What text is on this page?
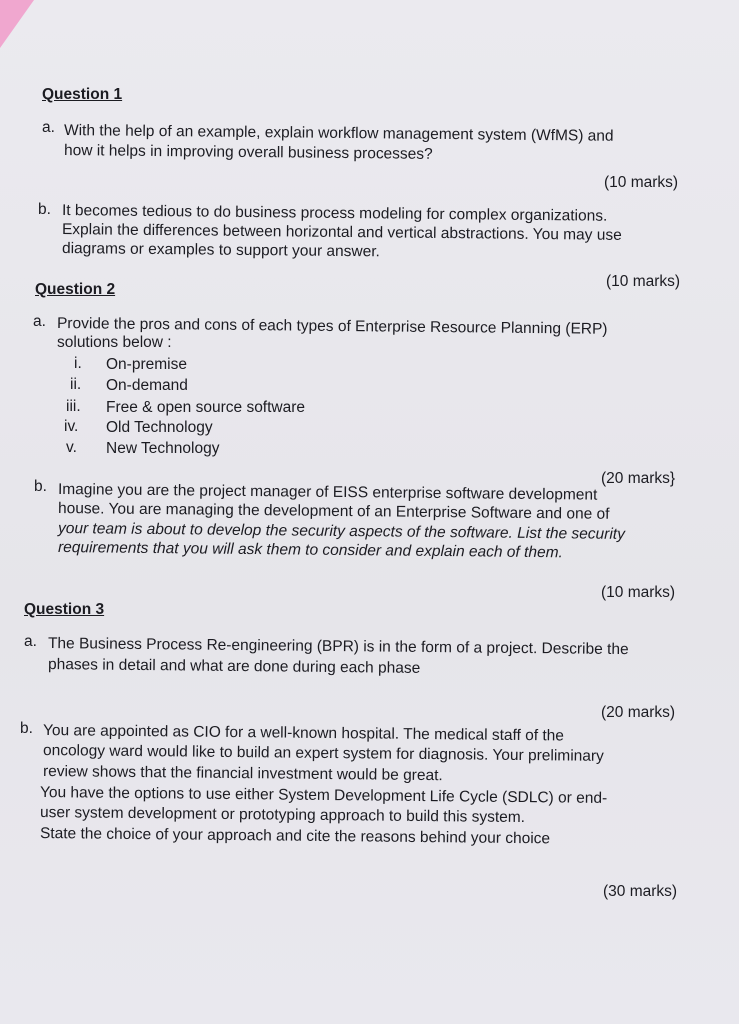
Question 1
a. With the help of an example, explain workflow management system (WfMS) and
how it helps in improving overall business processes?
(10 marks)
b. It becomes tedious to do business process modeling for complex organizations.
Explain the differences between horizontal and vertical abstractions. You may use
diagrams or examples to support your answer.
(10 marks)
Question 2
a. Provide the pros and cons of each types of Enterprise Resource Planning (ERP)
solutions below :
i. On-premise
ii. On-demand
iii. Free & open source software
iv. Old Technology
v. New Technology
(20 marks}
b. Imagine you are the project manager of EISS enterprise software development
house. You are managing the development of an Enterprise Software and one of
your team is about to develop the security aspects of the software. List the security
requirements that you will ask them to consider and explain each of them.
(10 marks)
Question 3
a. The Business Process Re-engineering (BPR) is in the form of a project. Describe the
phases in detail and what are done during each phase
(20 marks)
b. You are appointed as CIO for a well-known hospital. The medical staff of the
oncology ward would like to build an expert system for diagnosis. Your preliminary
review shows that the financial investment would be great.
You have the options to use either System Development Life Cycle (SDLC) or end-
user system development or prototyping approach to build this system.
State the choice of your approach and cite the reasons behind your choice
(30 marks)
